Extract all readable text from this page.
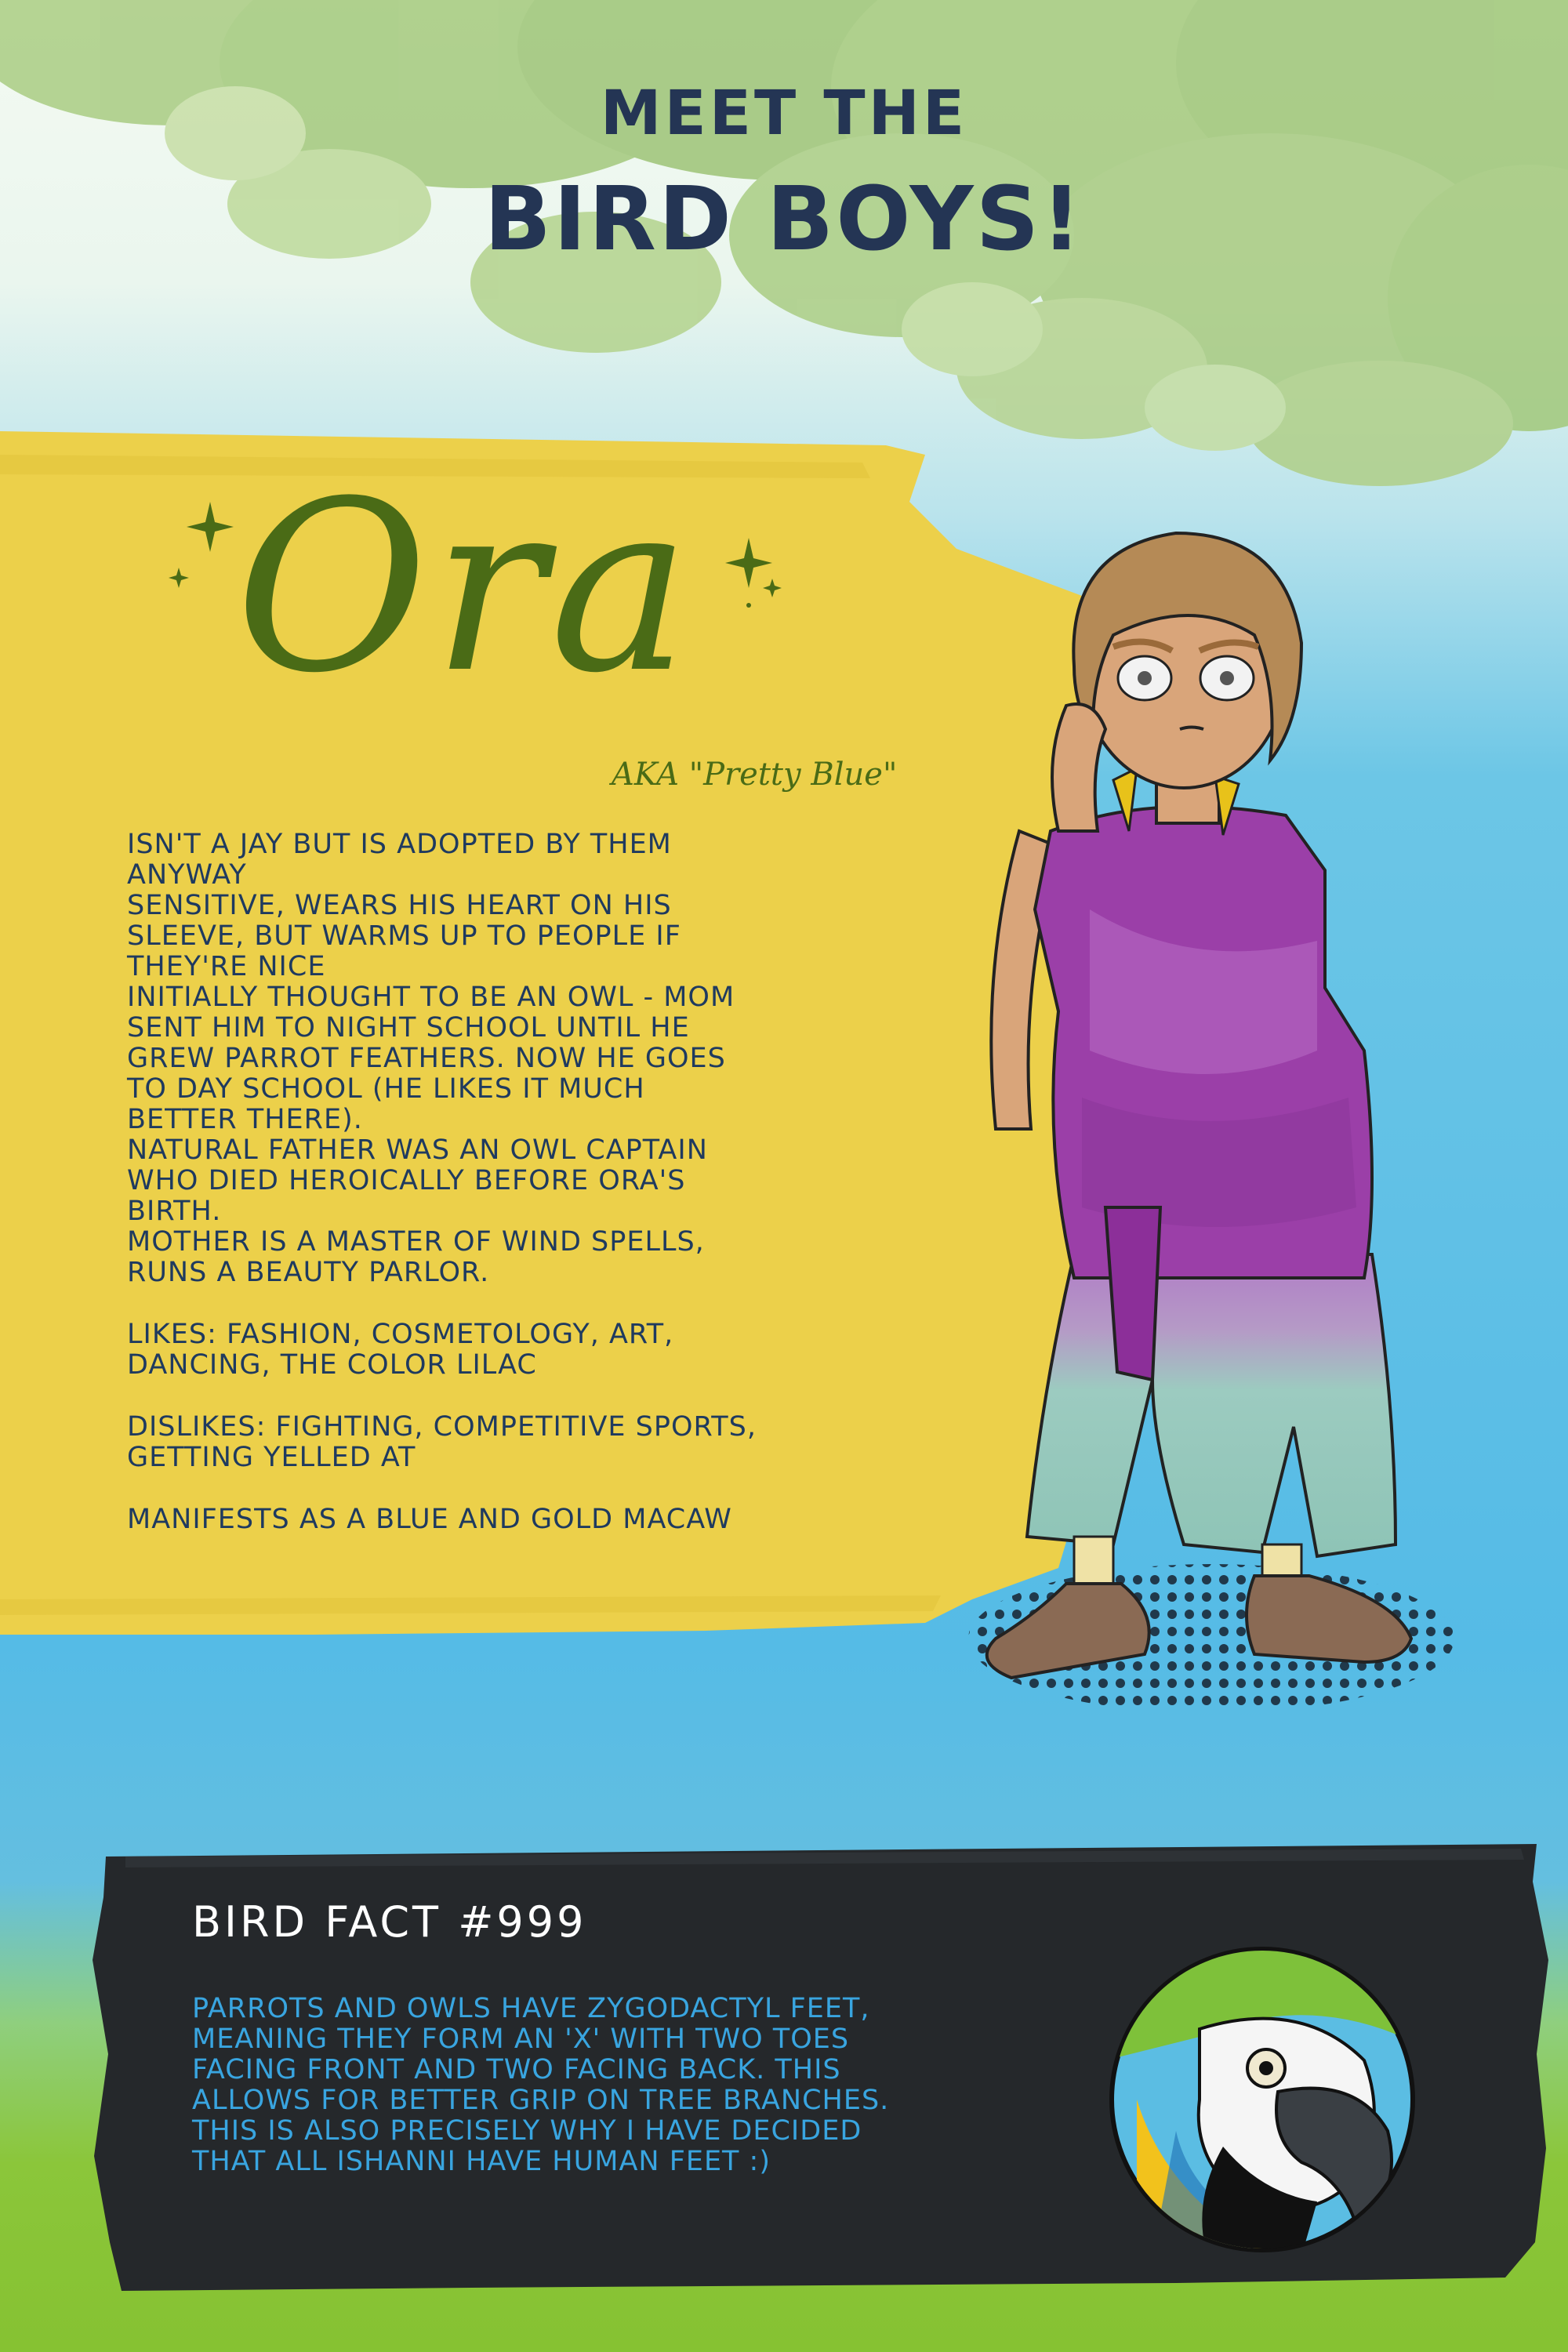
MEET THE
BIRD BOYS!
Ora
AKA "Pretty Blue"
ISN'T A JAY BUT IS ADOPTED BY THEM
ANYWAY
SENSITIVE, WEARS HIS HEART ON HIS
SLEEVE, BUT WARMS UP TO PEOPLE IF
THEY'RE NICE
INITIALLY THOUGHT TO BE AN OWL - MOM
SENT HIM TO NIGHT SCHOOL UNTIL HE
GREW PARROT FEATHERS. NOW HE GOES
TO DAY SCHOOL (HE LIKES IT MUCH
BETTER THERE).
NATURAL FATHER WAS AN OWL CAPTAIN
WHO DIED HEROICALLY BEFORE ORA'S
BIRTH.
MOTHER IS A MASTER OF WIND SPELLS,
RUNS A BEAUTY PARLOR.
LIKES: FASHION, COSMETOLOGY, ART,
DANCING, THE COLOR LILAC
DISLIKES: FIGHTING, COMPETITIVE SPORTS,
GETTING YELLED AT
MANIFESTS AS A BLUE AND GOLD MACAW
BIRD FACT #999
PARROTS AND OWLS HAVE ZYGODACTYL FEET,
MEANING THEY FORM AN 'X' WITH TWO TOES
FACING FRONT AND TWO FACING BACK. THIS
ALLOWS FOR BETTER GRIP ON TREE BRANCHES.
THIS IS ALSO PRECISELY WHY I HAVE DECIDED
THAT ALL ISHANNI HAVE HUMAN FEET :)
